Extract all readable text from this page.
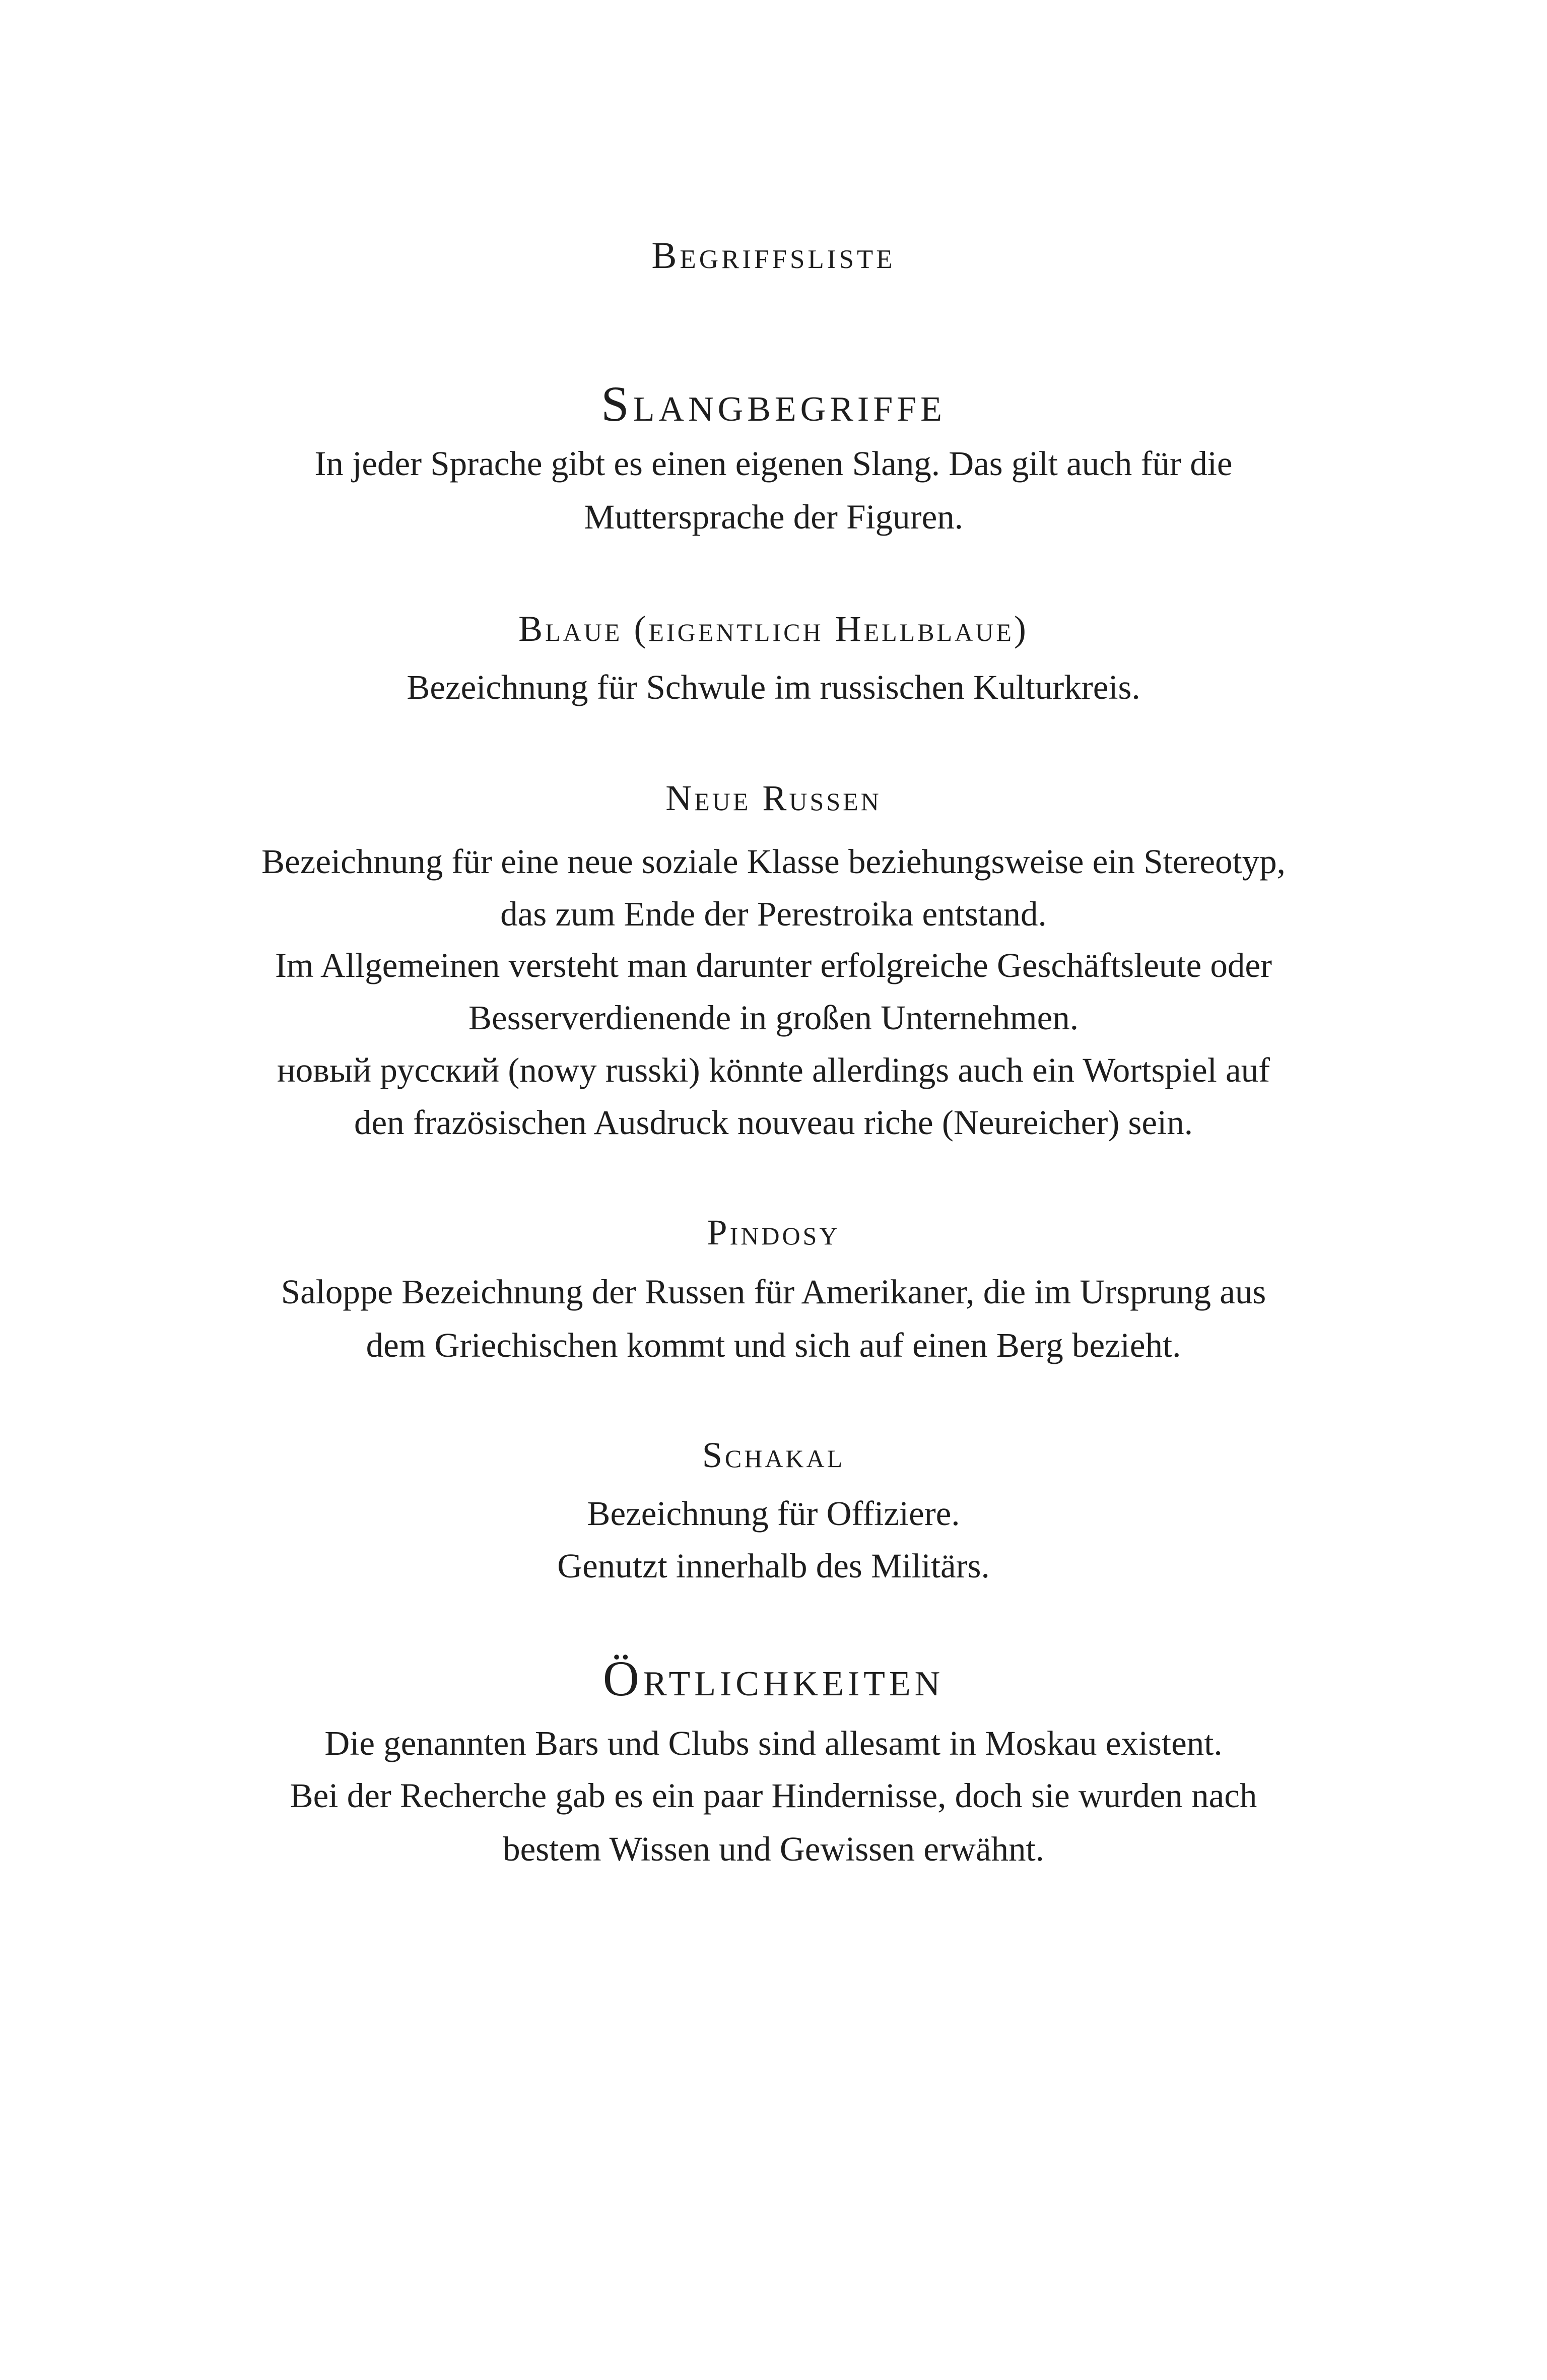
Begriffsliste
Slangbegriffe
In jeder Sprache gibt es einen eigenen Slang. Das gilt auch für die
Muttersprache der Figuren.
Blaue (eigentlich Hellblaue)
Bezeichnung für Schwule im russischen Kulturkreis.
Neue Russen
Bezeichnung für eine neue soziale Klasse beziehungsweise ein Stereotyp,
das zum Ende der Perestroika entstand.
Im Allgemeinen versteht man darunter erfolgreiche Geschäftsleute oder
Besserverdienende in großen Unternehmen.
новый русский (nowy russki) könnte allerdings auch ein Wortspiel auf
den frazösischen Ausdruck nouveau riche (Neureicher) sein.
Pindosy
Saloppe Bezeichnung der Russen für Amerikaner, die im Ursprung aus
dem Griechischen kommt und sich auf einen Berg bezieht.
Schakal
Bezeichnung für Offiziere.
Genutzt innerhalb des Militärs.
Örtlichkeiten
Die genannten Bars und Clubs sind allesamt in Moskau existent.
Bei der Recherche gab es ein paar Hindernisse, doch sie wurden nach
bestem Wissen und Gewissen erwähnt.
